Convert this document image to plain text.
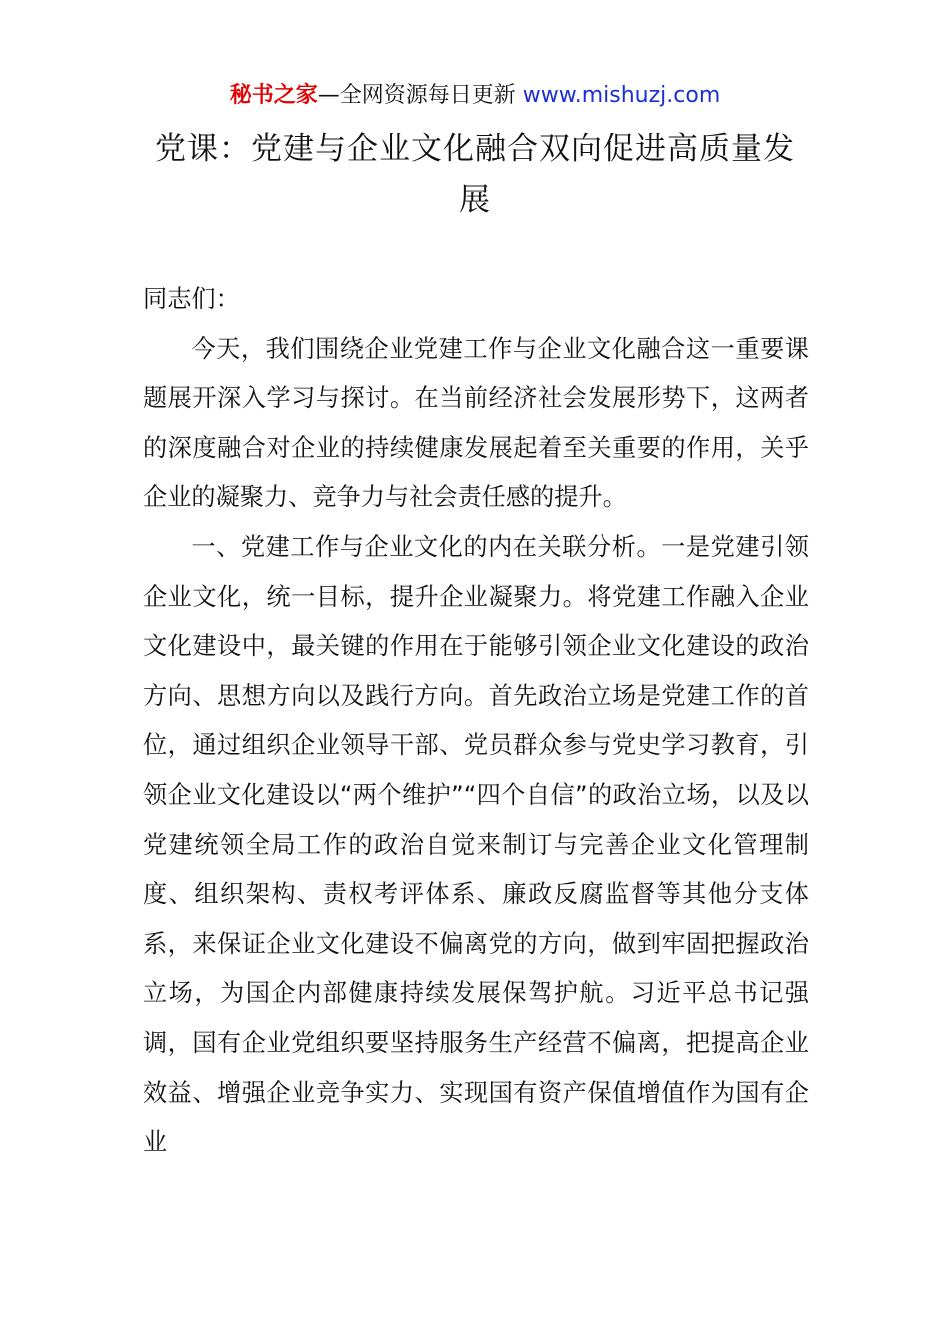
秘书之家—全网资源每日更新 www.mishuzj.com
党课：党建与企业文化融合双向促进高质量发展

同志们：

今天，我们围绕企业党建工作与企业文化融合这一重要课题展开深入学习与探讨。在当前经济社会发展形势下，这两者的深度融合对企业的持续健康发展起着至关重要的作用，关乎企业的凝聚力、竞争力与社会责任感的提升。

一、党建工作与企业文化的内在关联分析。一是党建引领企业文化，统一目标，提升企业凝聚力。将党建工作融入企业文化建设中，最关键的作用在于能够引领企业文化建设的政治方向、思想方向以及践行方向。首先政治立场是党建工作的首位，通过组织企业领导干部、党员群众参与党史学习教育，引领企业文化建设以“两个维护”“四个自信”的政治立场，以及以党建统领全局工作的政治自觉来制订与完善企业文化管理制度、组织架构、责权考评体系、廉政反腐监督等其他分支体系，来保证企业文化建设不偏离党的方向，做到牢固把握政治立场，为国企内部健康持续发展保驾护航。习近平总书记强调，国有企业党组织要坚持服务生产经营不偏离，把提高企业效益、增强企业竞争实力、实现国有资产保值增值作为国有企业
